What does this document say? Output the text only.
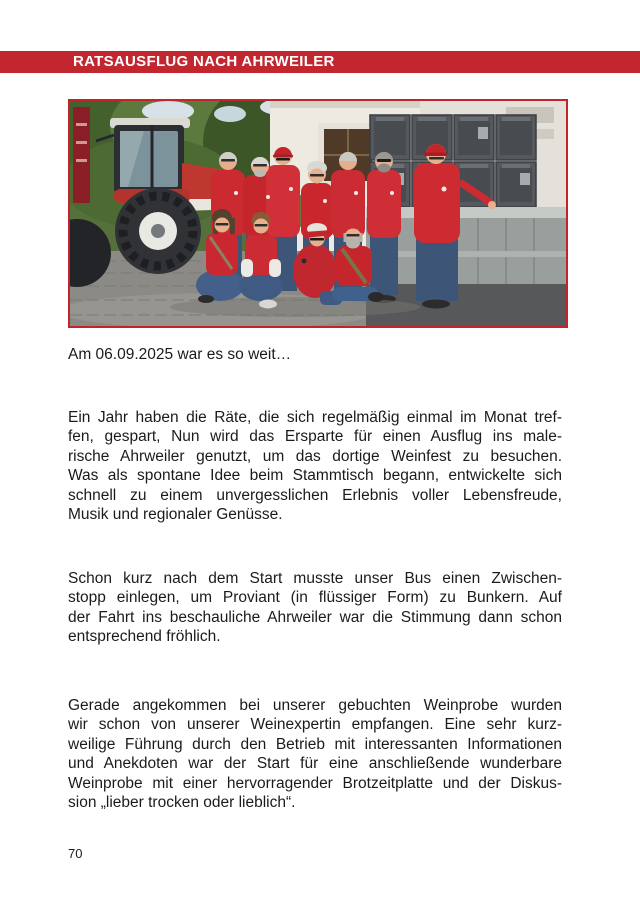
RATSAUSFLUG NACH AHRWEILER
Am 06.09.2025 war es so weit…
Ein Jahr haben die Räte, die sich regelmäßig einmal im Monat tref-
fen, gespart, Nun wird das Ersparte für einen Ausflug ins male-
rische Ahrweiler genutzt, um das dortige Weinfest zu besuchen.
Was als spontane Idee beim Stammtisch begann, entwickelte sich
schnell zu einem unvergesslichen Erlebnis voller Lebensfreude,
Musik und regionaler Genüsse.
Schon kurz nach dem Start musste unser Bus einen Zwischen-
stopp einlegen, um Proviant (in flüssiger Form) zu Bunkern. Auf
der Fahrt ins beschauliche Ahrweiler war die Stimmung dann schon
entsprechend fröhlich.
Gerade angekommen bei unserer gebuchten Weinprobe wurden
wir schon von unserer Weinexpertin empfangen. Eine sehr kurz-
weilige Führung durch den Betrieb mit interessanten Informationen
und Anekdoten war der Start für eine anschließende wunderbare
Weinprobe mit einer hervorragender Brotzeitplatte und der Diskus-
sion „lieber trocken oder lieblich“.
70
